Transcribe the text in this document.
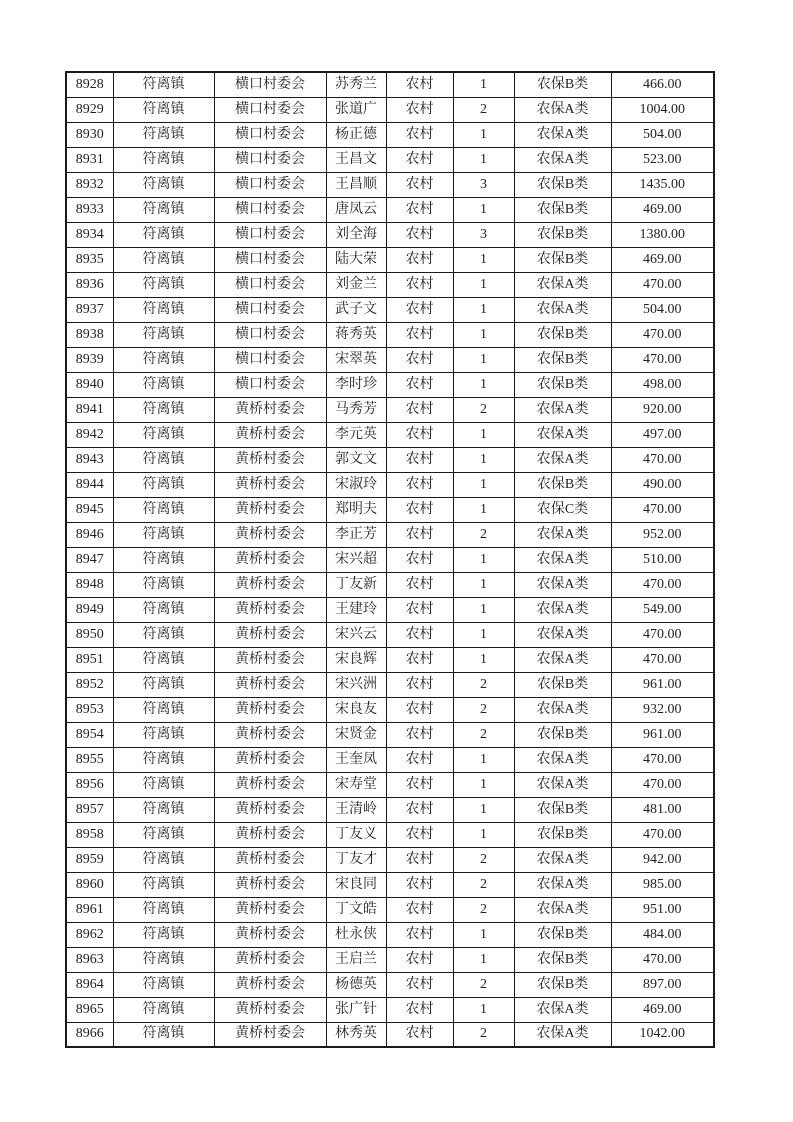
8928	符离镇	横口村委会	苏秀兰	农村	1	农保B类	466.00
8929	符离镇	横口村委会	张道广	农村	2	农保A类	1004.00
8930	符离镇	横口村委会	杨正德	农村	1	农保A类	504.00
8931	符离镇	横口村委会	王昌文	农村	1	农保A类	523.00
8932	符离镇	横口村委会	王昌顺	农村	3	农保B类	1435.00
8933	符离镇	横口村委会	唐凤云	农村	1	农保B类	469.00
8934	符离镇	横口村委会	刘全海	农村	3	农保B类	1380.00
8935	符离镇	横口村委会	陆大荣	农村	1	农保B类	469.00
8936	符离镇	横口村委会	刘金兰	农村	1	农保A类	470.00
8937	符离镇	横口村委会	武子文	农村	1	农保A类	504.00
8938	符离镇	横口村委会	蒋秀英	农村	1	农保B类	470.00
8939	符离镇	横口村委会	宋翠英	农村	1	农保B类	470.00
8940	符离镇	横口村委会	李时珍	农村	1	农保B类	498.00
8941	符离镇	黄桥村委会	马秀芳	农村	2	农保A类	920.00
8942	符离镇	黄桥村委会	李元英	农村	1	农保A类	497.00
8943	符离镇	黄桥村委会	郭文文	农村	1	农保A类	470.00
8944	符离镇	黄桥村委会	宋淑玲	农村	1	农保B类	490.00
8945	符离镇	黄桥村委会	郑明夫	农村	1	农保C类	470.00
8946	符离镇	黄桥村委会	李正芳	农村	2	农保A类	952.00
8947	符离镇	黄桥村委会	宋兴超	农村	1	农保A类	510.00
8948	符离镇	黄桥村委会	丁友新	农村	1	农保A类	470.00
8949	符离镇	黄桥村委会	王建玲	农村	1	农保A类	549.00
8950	符离镇	黄桥村委会	宋兴云	农村	1	农保A类	470.00
8951	符离镇	黄桥村委会	宋良辉	农村	1	农保A类	470.00
8952	符离镇	黄桥村委会	宋兴洲	农村	2	农保B类	961.00
8953	符离镇	黄桥村委会	宋良友	农村	2	农保A类	932.00
8954	符离镇	黄桥村委会	宋贤金	农村	2	农保B类	961.00
8955	符离镇	黄桥村委会	王奎凤	农村	1	农保A类	470.00
8956	符离镇	黄桥村委会	宋寿堂	农村	1	农保A类	470.00
8957	符离镇	黄桥村委会	王清岭	农村	1	农保B类	481.00
8958	符离镇	黄桥村委会	丁友义	农村	1	农保B类	470.00
8959	符离镇	黄桥村委会	丁友才	农村	2	农保A类	942.00
8960	符离镇	黄桥村委会	宋良同	农村	2	农保A类	985.00
8961	符离镇	黄桥村委会	丁文皓	农村	2	农保A类	951.00
8962	符离镇	黄桥村委会	杜永侠	农村	1	农保B类	484.00
8963	符离镇	黄桥村委会	王启兰	农村	1	农保B类	470.00
8964	符离镇	黄桥村委会	杨德英	农村	2	农保B类	897.00
8965	符离镇	黄桥村委会	张广针	农村	1	农保A类	469.00
8966	符离镇	黄桥村委会	林秀英	农村	2	农保A类	1042.00
